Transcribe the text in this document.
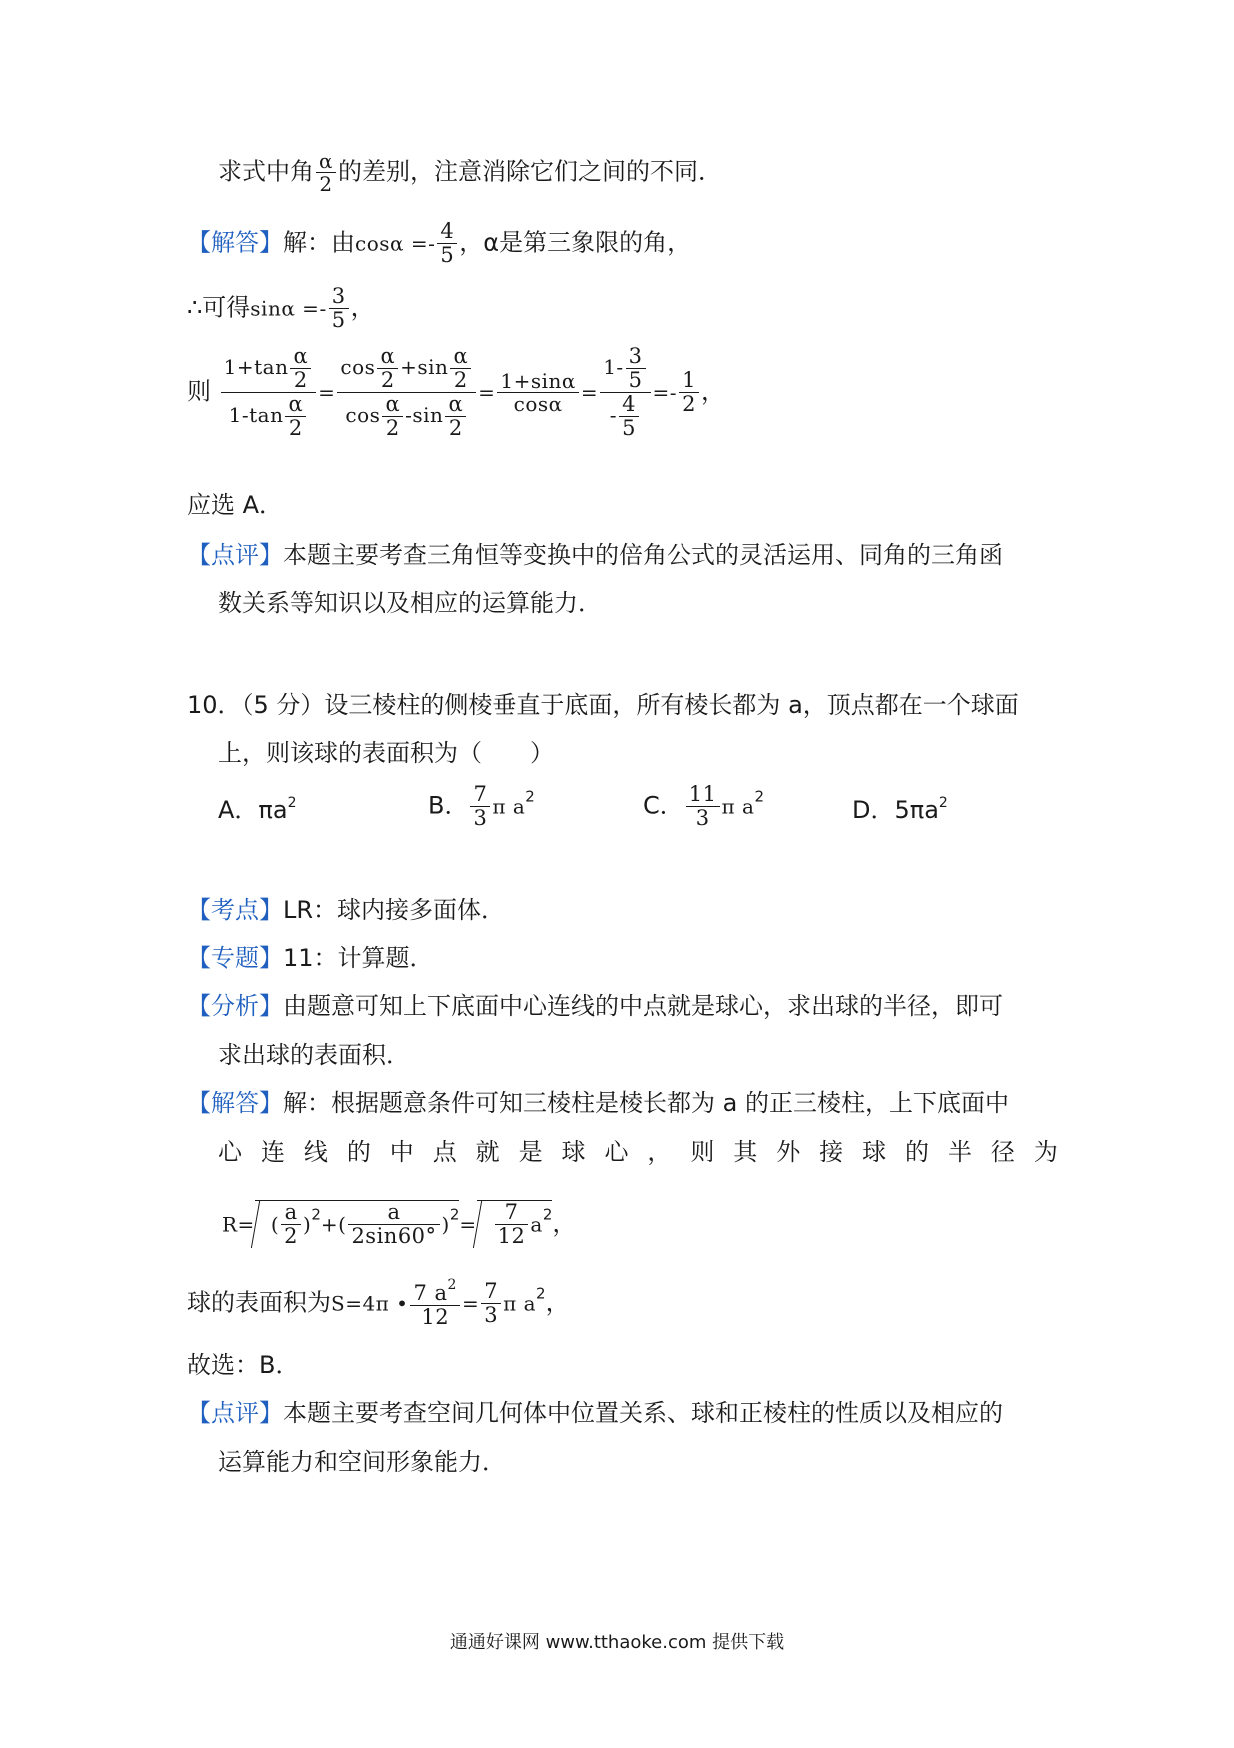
求式中角 $\frac{\alpha}{2}$ 的差别，注意消除它们之间的不同．
【解答】解：由$\cos\alpha =- \frac{4}{5}$ ，α是第三象限的角，
∴可得$\sin\alpha =- \frac{3}{5}$ ，
则 $\frac{1+\tan \frac{\alpha}{2}}{1-\tan \frac{\alpha}{2}} = \frac{\cos \frac{\alpha}{2} +\sin \frac{\alpha}{2}}{\cos \frac{\alpha}{2} -\sin \frac{\alpha}{2}} = \frac{1+\sin\alpha}{\cos\alpha} = \frac{1- \frac{3}{5}}{- \frac{4}{5}} =- \frac{1}{2}$ ，
应选 A．
【点评】本题主要考查三角恒等变换中的倍角公式的灵活运用、同角的三角函
数关系等知识以及相应的运算能力．
10．（5 分）设三棱柱的侧棱垂直于底面，所有棱长都为 a，顶点都在一个球面
上，则该球的表面积为（　　）
A．$\pi a^2$	B． $\frac{7}{3}$ π $a^2$	C． $\frac{11}{3}$ π $a^2$	D．$5\pi a^2$
【考点】LR：球内接多面体．
【专题】11：计算题．
【分析】由题意可知上下底面中心连线的中点就是球心，求出球的半径，即可
求出球的表面积．
【解答】解：根据题意条件可知三棱柱是棱长都为 a 的正三棱柱，上下底面中
心 连 线 的 中 点 就 是 球 心 ， 则 其 外 接 球 的 半 径 为
R= ( $\frac{a}{2} )^2+( \frac{a}{2\sin 60^\circ} )^2= \frac{7}{12} a^2$，
球的表面积为S=4π • $\frac{7 a^2}{12} = \frac{7}{3}$ π $a^2$，
故选：B．
【点评】本题主要考查空间几何体中位置关系、球和正棱柱的性质以及相应的
运算能力和空间形象能力．
通通好课网 www.tthaoke.com 提供下载
